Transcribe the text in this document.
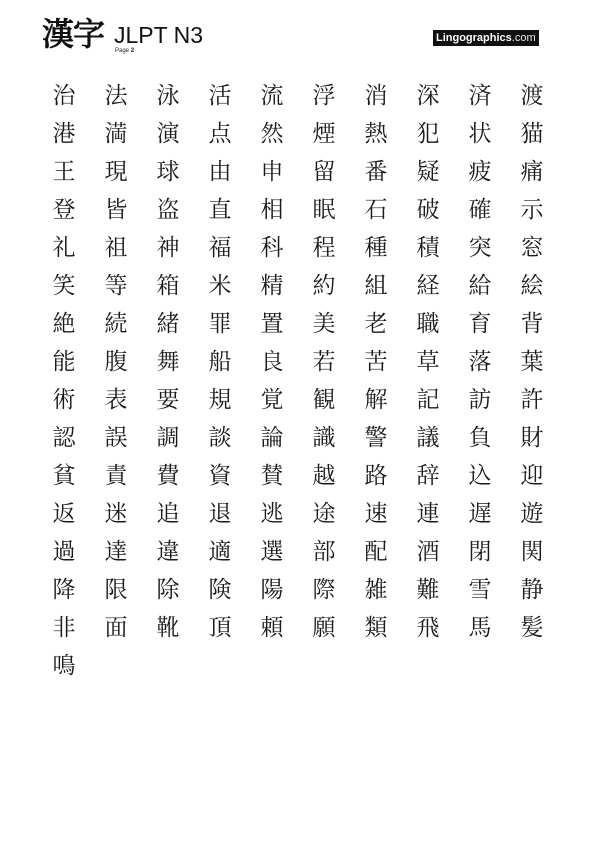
漢字 JLPT N3
Page 2
Lingographics.com
治	法	泳	活	流	浮	消	深	済	渡
港	満	演	点	然	煙	熱	犯	状	猫
王	現	球	由	申	留	番	疑	疲	痛
登	皆	盗	直	相	眠	石	破	確	示
礼	祖	神	福	科	程	種	積	突	窓
笑	等	箱	米	精	約	組	経	給	絵
絶	続	緒	罪	置	美	老	職	育	背
能	腹	舞	船	良	若	苦	草	落	葉
術	表	要	規	覚	観	解	記	訪	許
認	誤	調	談	論	識	警	議	負	財
貧	責	費	資	賛	越	路	辞	込	迎
返	迷	追	退	逃	途	速	連	遅	遊
過	達	違	適	選	部	配	酒	閉	関
降	限	除	険	陽	際	雑	難	雪	静
非	面	靴	頂	頼	願	類	飛	馬	髪
鳴
